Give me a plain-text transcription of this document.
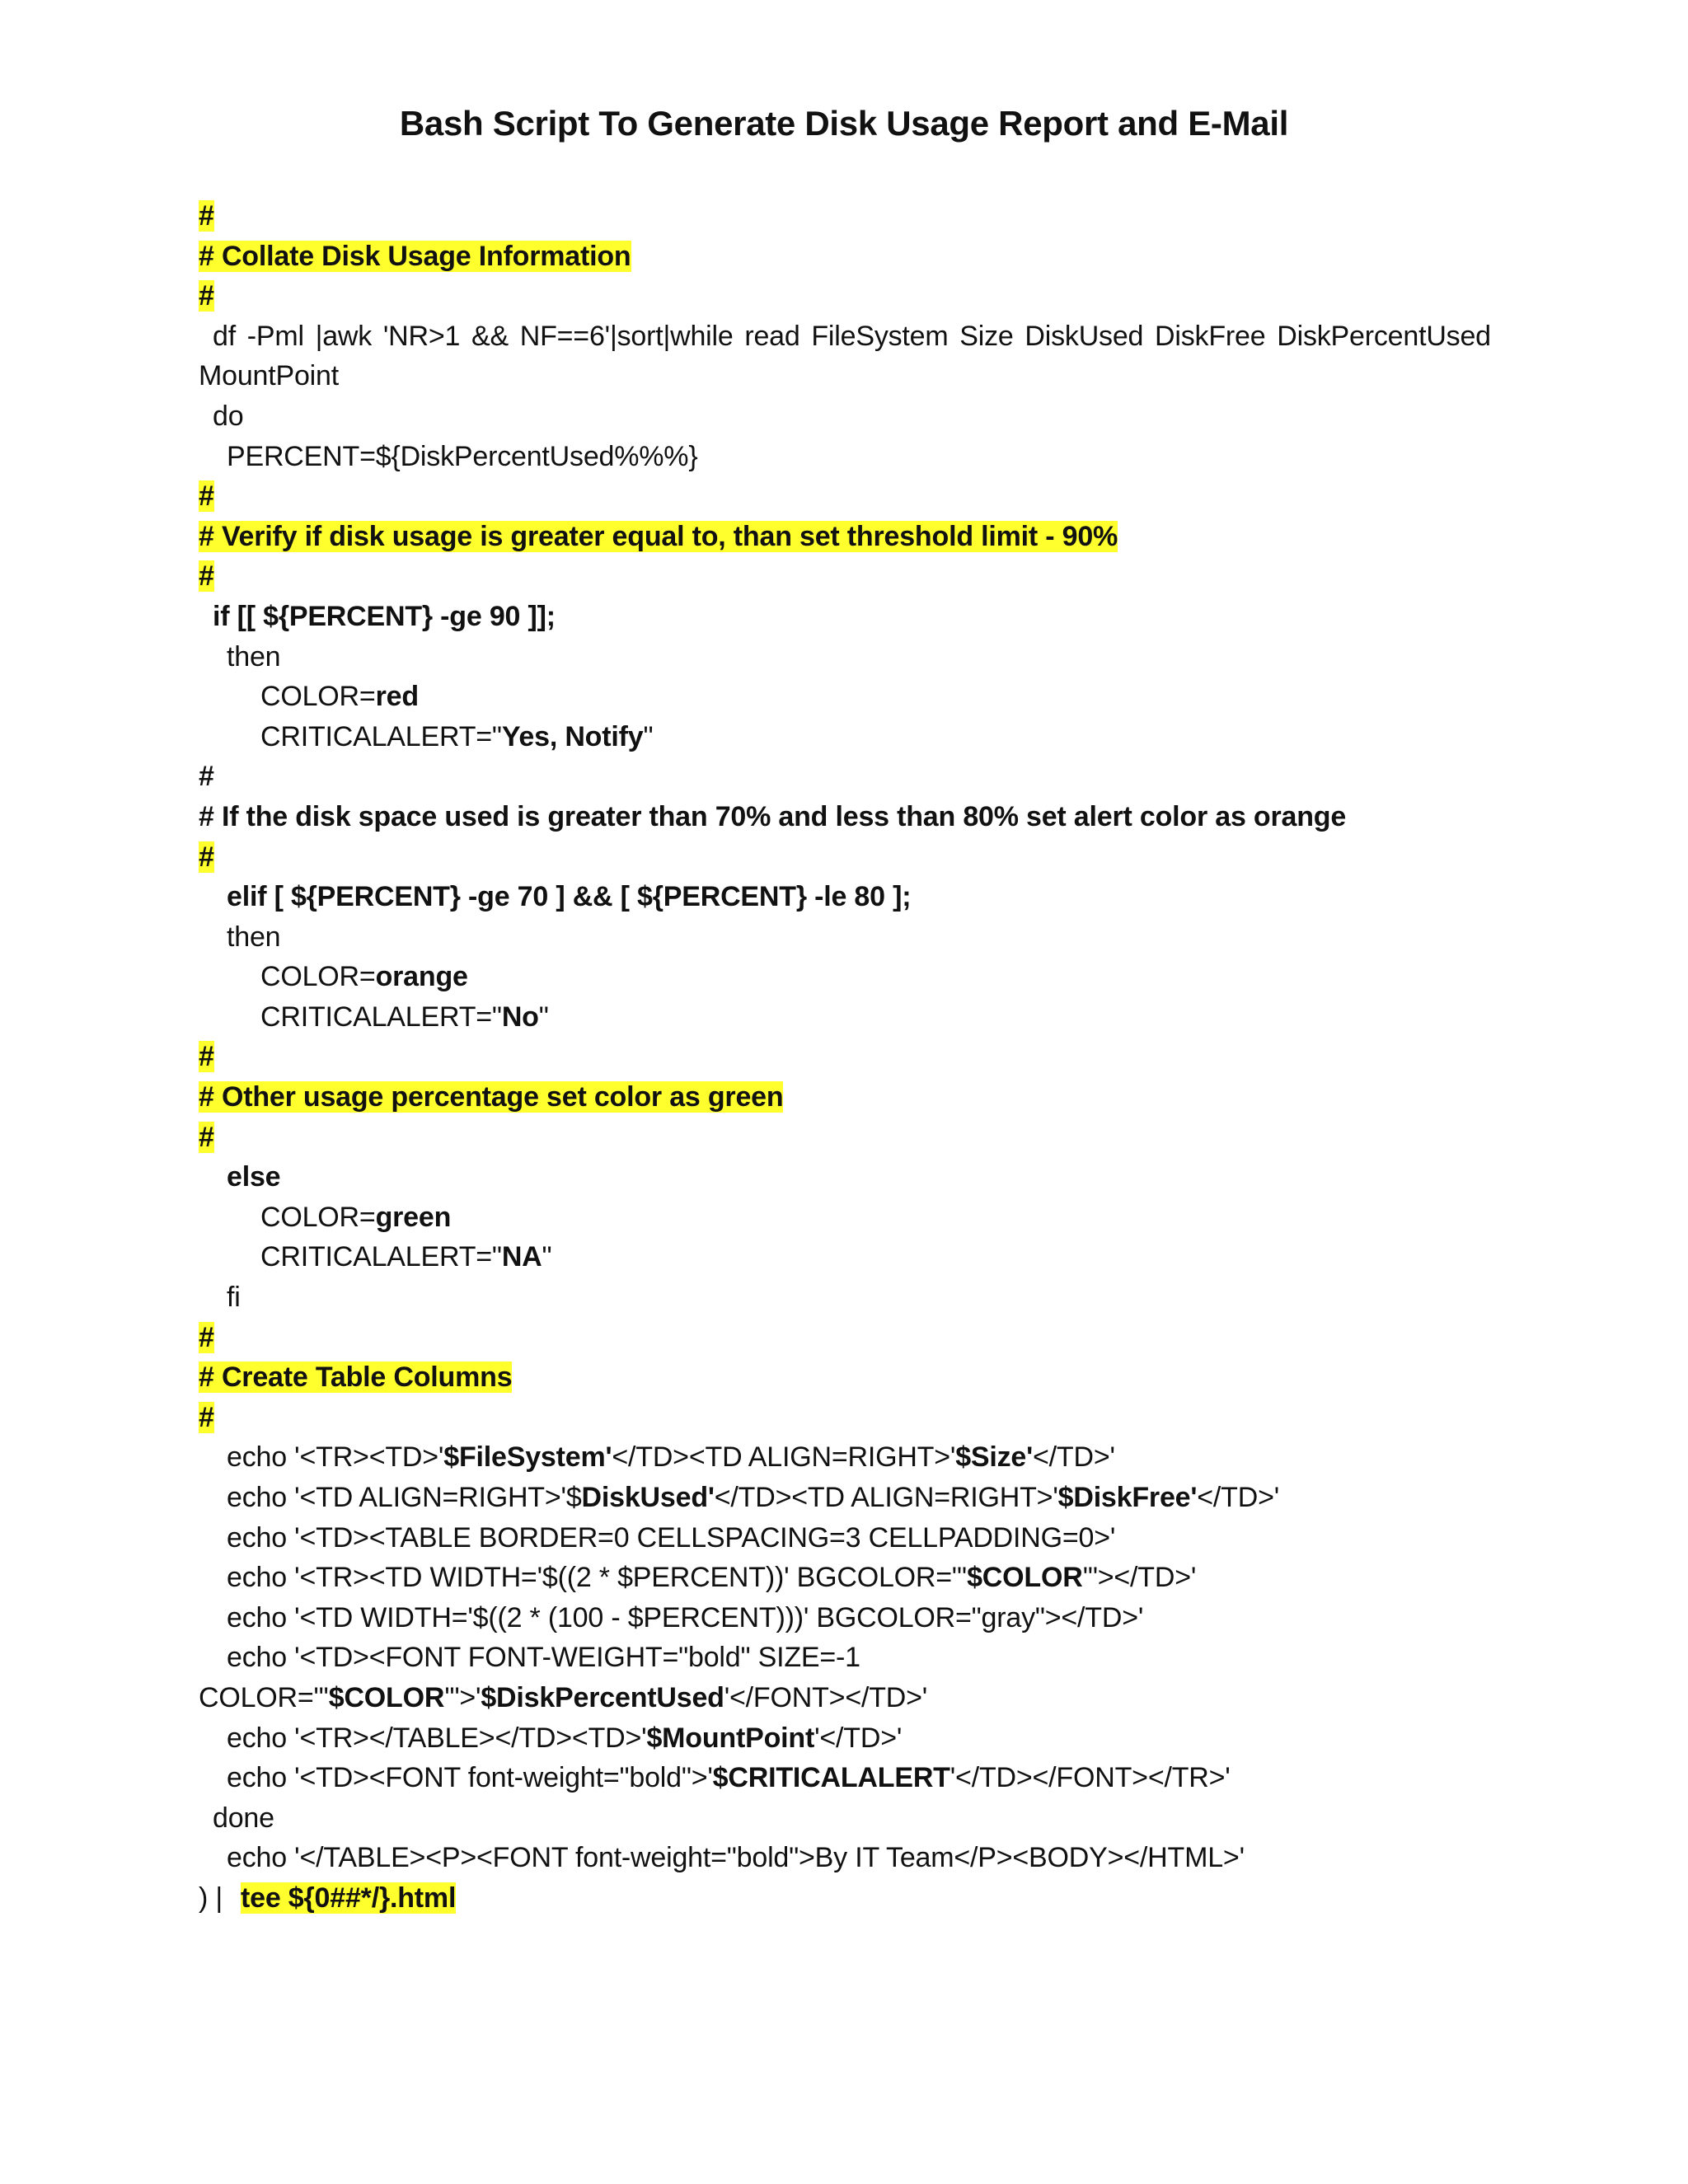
Bash Script To Generate Disk Usage Report and E-Mail
#
# Collate Disk Usage Information
#
df -Pml |awk 'NR>1 && NF==6'|sort|while read FileSystem Size DiskUsed DiskFree DiskPercentUsed
MountPoint
do
PERCENT=${DiskPercentUsed%%%}
#
# Verify if disk usage is greater equal to, than set threshold limit - 90%
#
if [[ ${PERCENT} -ge 90 ]];
then
COLOR=red
CRITICALALERT="Yes, Notify"
#
# If the disk space used is greater than 70% and less than 80% set alert color as orange
#
elif [ ${PERCENT} -ge 70 ] && [ ${PERCENT} -le 80 ];
then
COLOR=orange
CRITICALALERT="No"
#
# Other usage percentage set color as green
#
else
COLOR=green
CRITICALALERT="NA"
fi
#
# Create Table Columns
#
echo '<TR><TD>'$FileSystem'</TD><TD ALIGN=RIGHT>'$Size'</TD>'
echo '<TD ALIGN=RIGHT>'$DiskUsed'</TD><TD ALIGN=RIGHT>'$DiskFree'</TD>'
echo '<TD><TABLE BORDER=0 CELLSPACING=3 CELLPADDING=0>'
echo '<TR><TD WIDTH='$((2 * $PERCENT))' BGCOLOR="'$COLOR'"></TD>'
echo '<TD WIDTH='$((2 * (100 - $PERCENT)))' BGCOLOR="gray"></TD>'
echo '<TD><FONT FONT-WEIGHT="bold" SIZE=-1
COLOR="'$COLOR'">'$DiskPercentUsed'</FONT></TD>'
echo '<TR></TABLE></TD><TD>'$MountPoint'</TD>'
echo '<TD><FONT font-weight="bold">'$CRITICALALERT'</TD></FONT></TR>'
done
echo '</TABLE><P><FONT font-weight="bold">By IT Team</P><BODY></HTML>'
) | tee ${0##*/}.html
